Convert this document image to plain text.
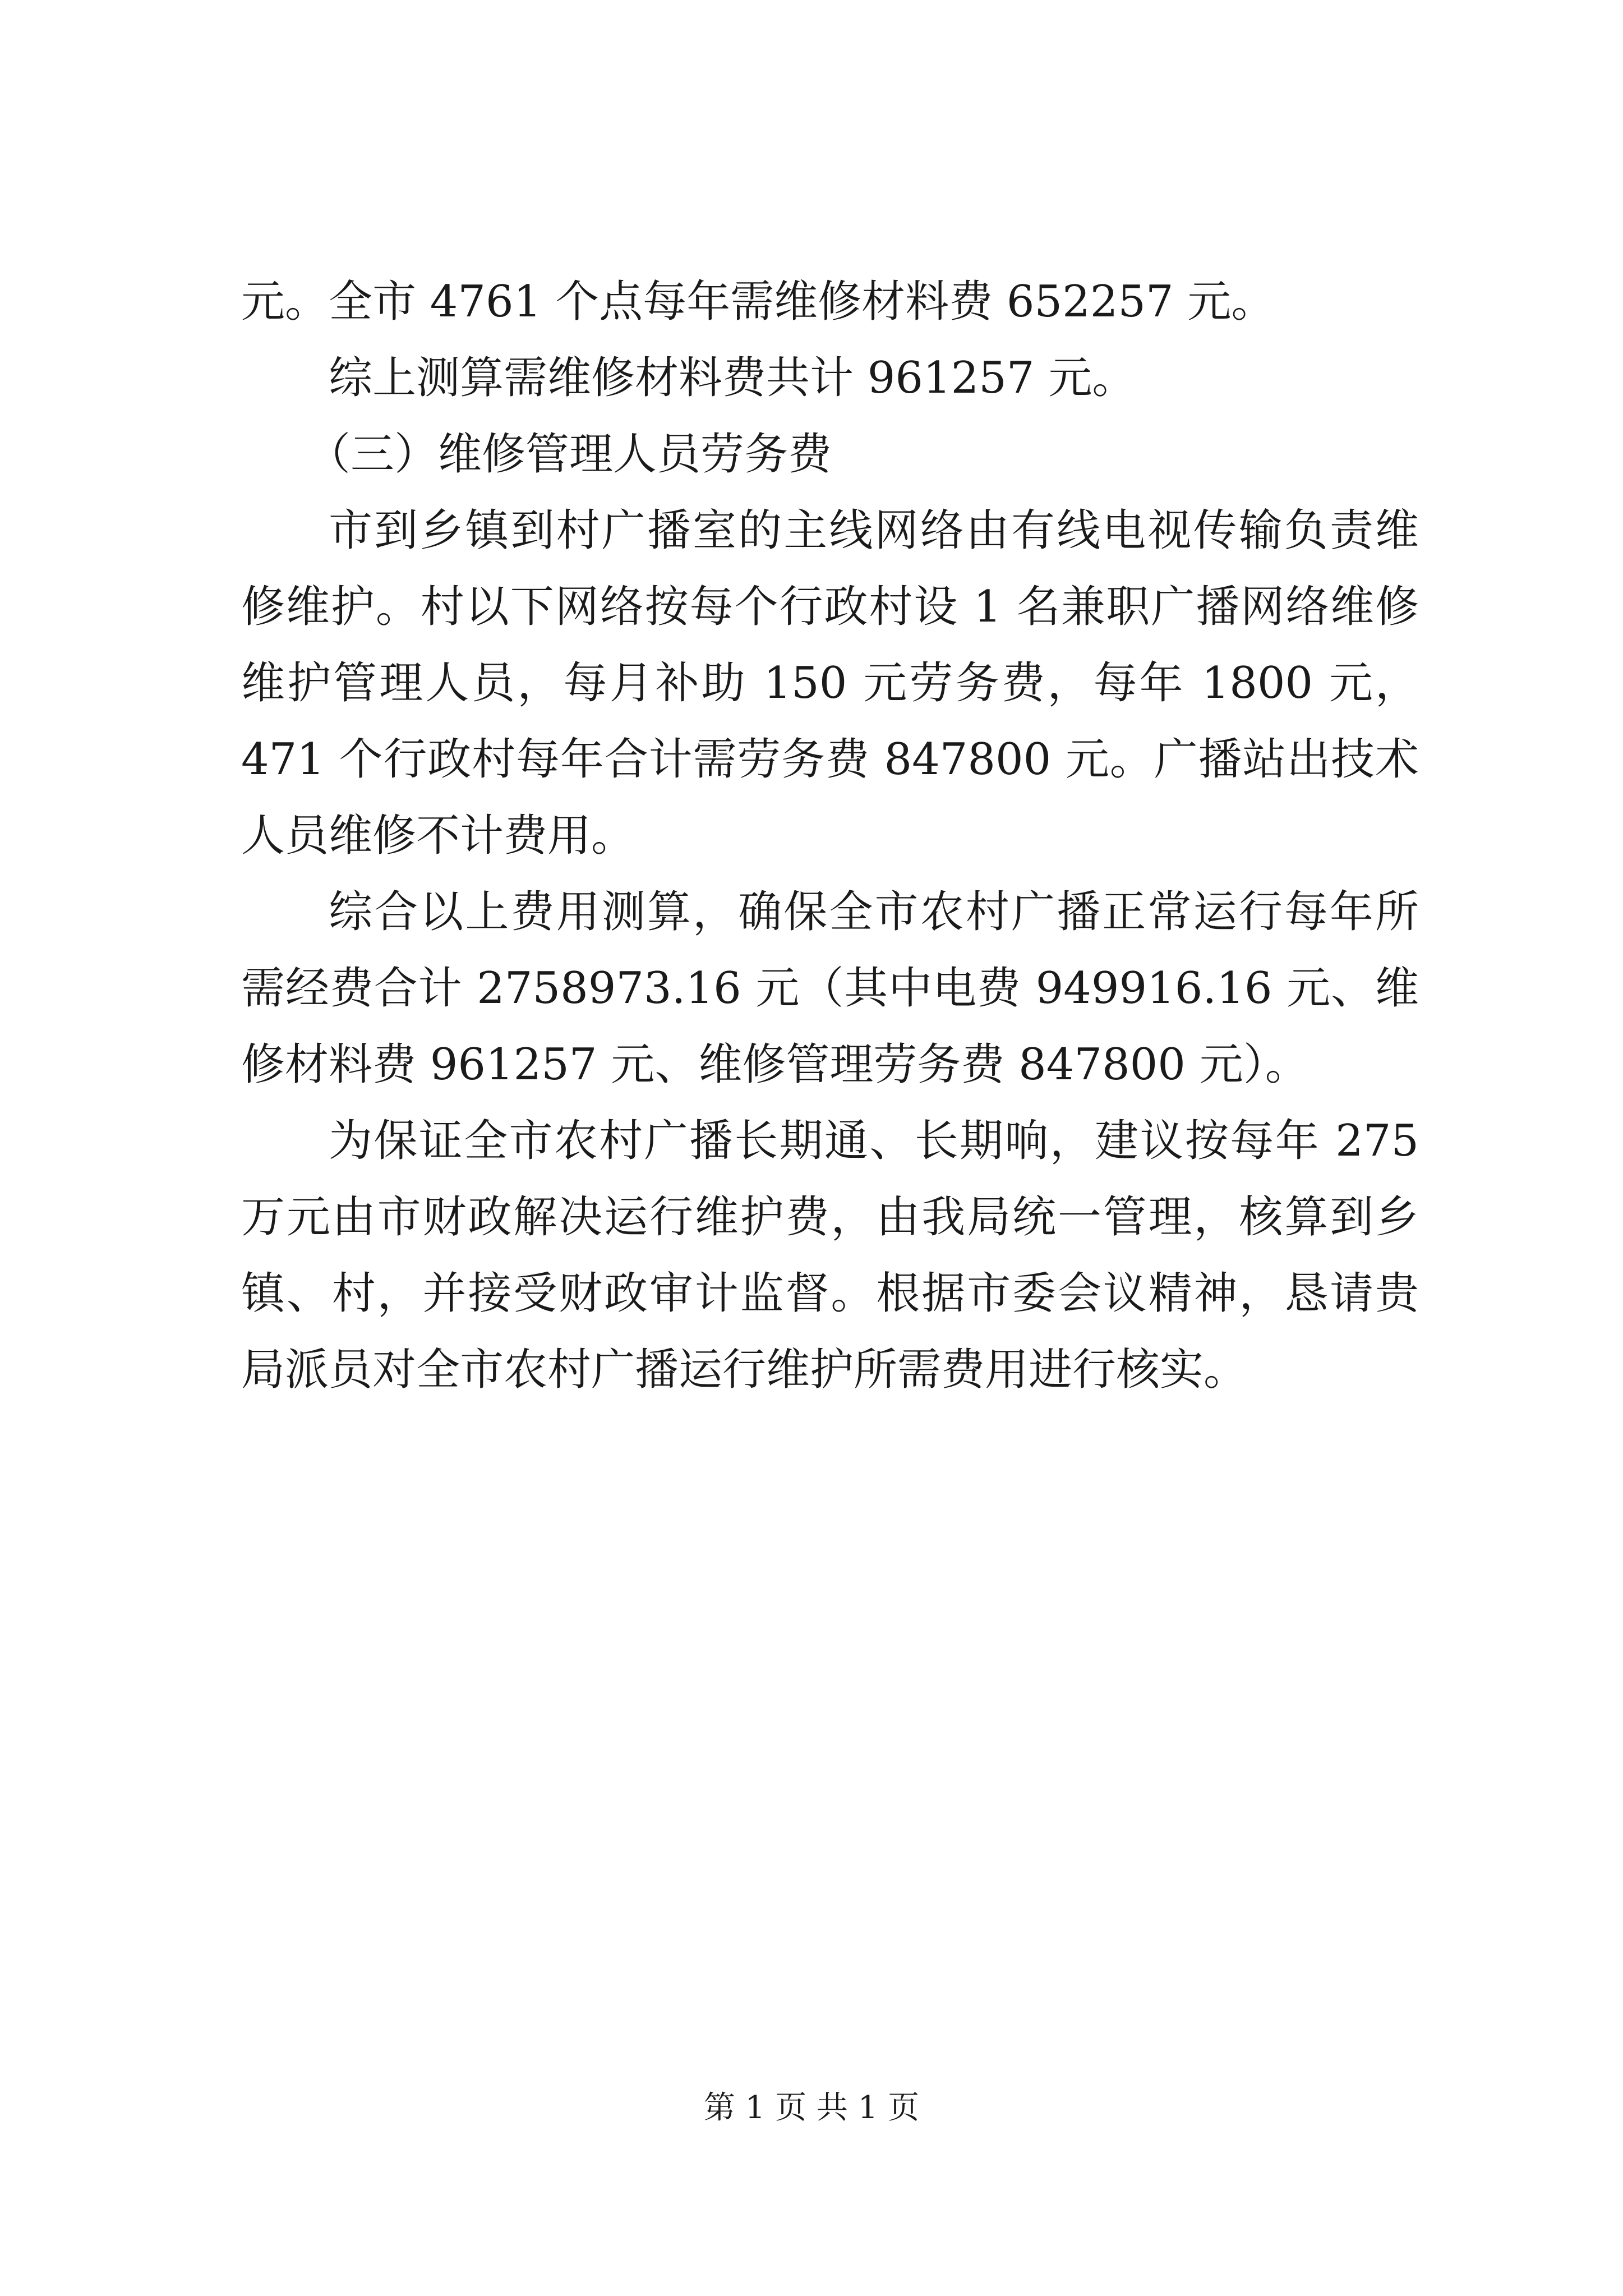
元。全市 4761 个点每年需维修材料费 652257 元。

综上测算需维修材料费共计 961257 元。

（三）维修管理人员劳务费

市到乡镇到村广播室的主线网络由有线电视传输负责维修维护。村以下网络按每个行政村设 1 名兼职广播网络维修维护管理人员，每月补助 150 元劳务费，每年 1800 元，471 个行政村每年合计需劳务费 847800 元。广播站出技术人员维修不计费用。

综合以上费用测算，确保全市农村广播正常运行每年所需经费合计 2758973.16 元（其中电费 949916.16 元、维修材料费 961257 元、维修管理劳务费 847800 元）。

为保证全市农村广播长期通、长期响，建议按每年 275 万元由市财政解决运行维护费，由我局统一管理，核算到乡镇、村，并接受财政审计监督。根据市委会议精神，恳请贵局派员对全市农村广播运行维护所需费用进行核实。

第 1 页 共 1 页
